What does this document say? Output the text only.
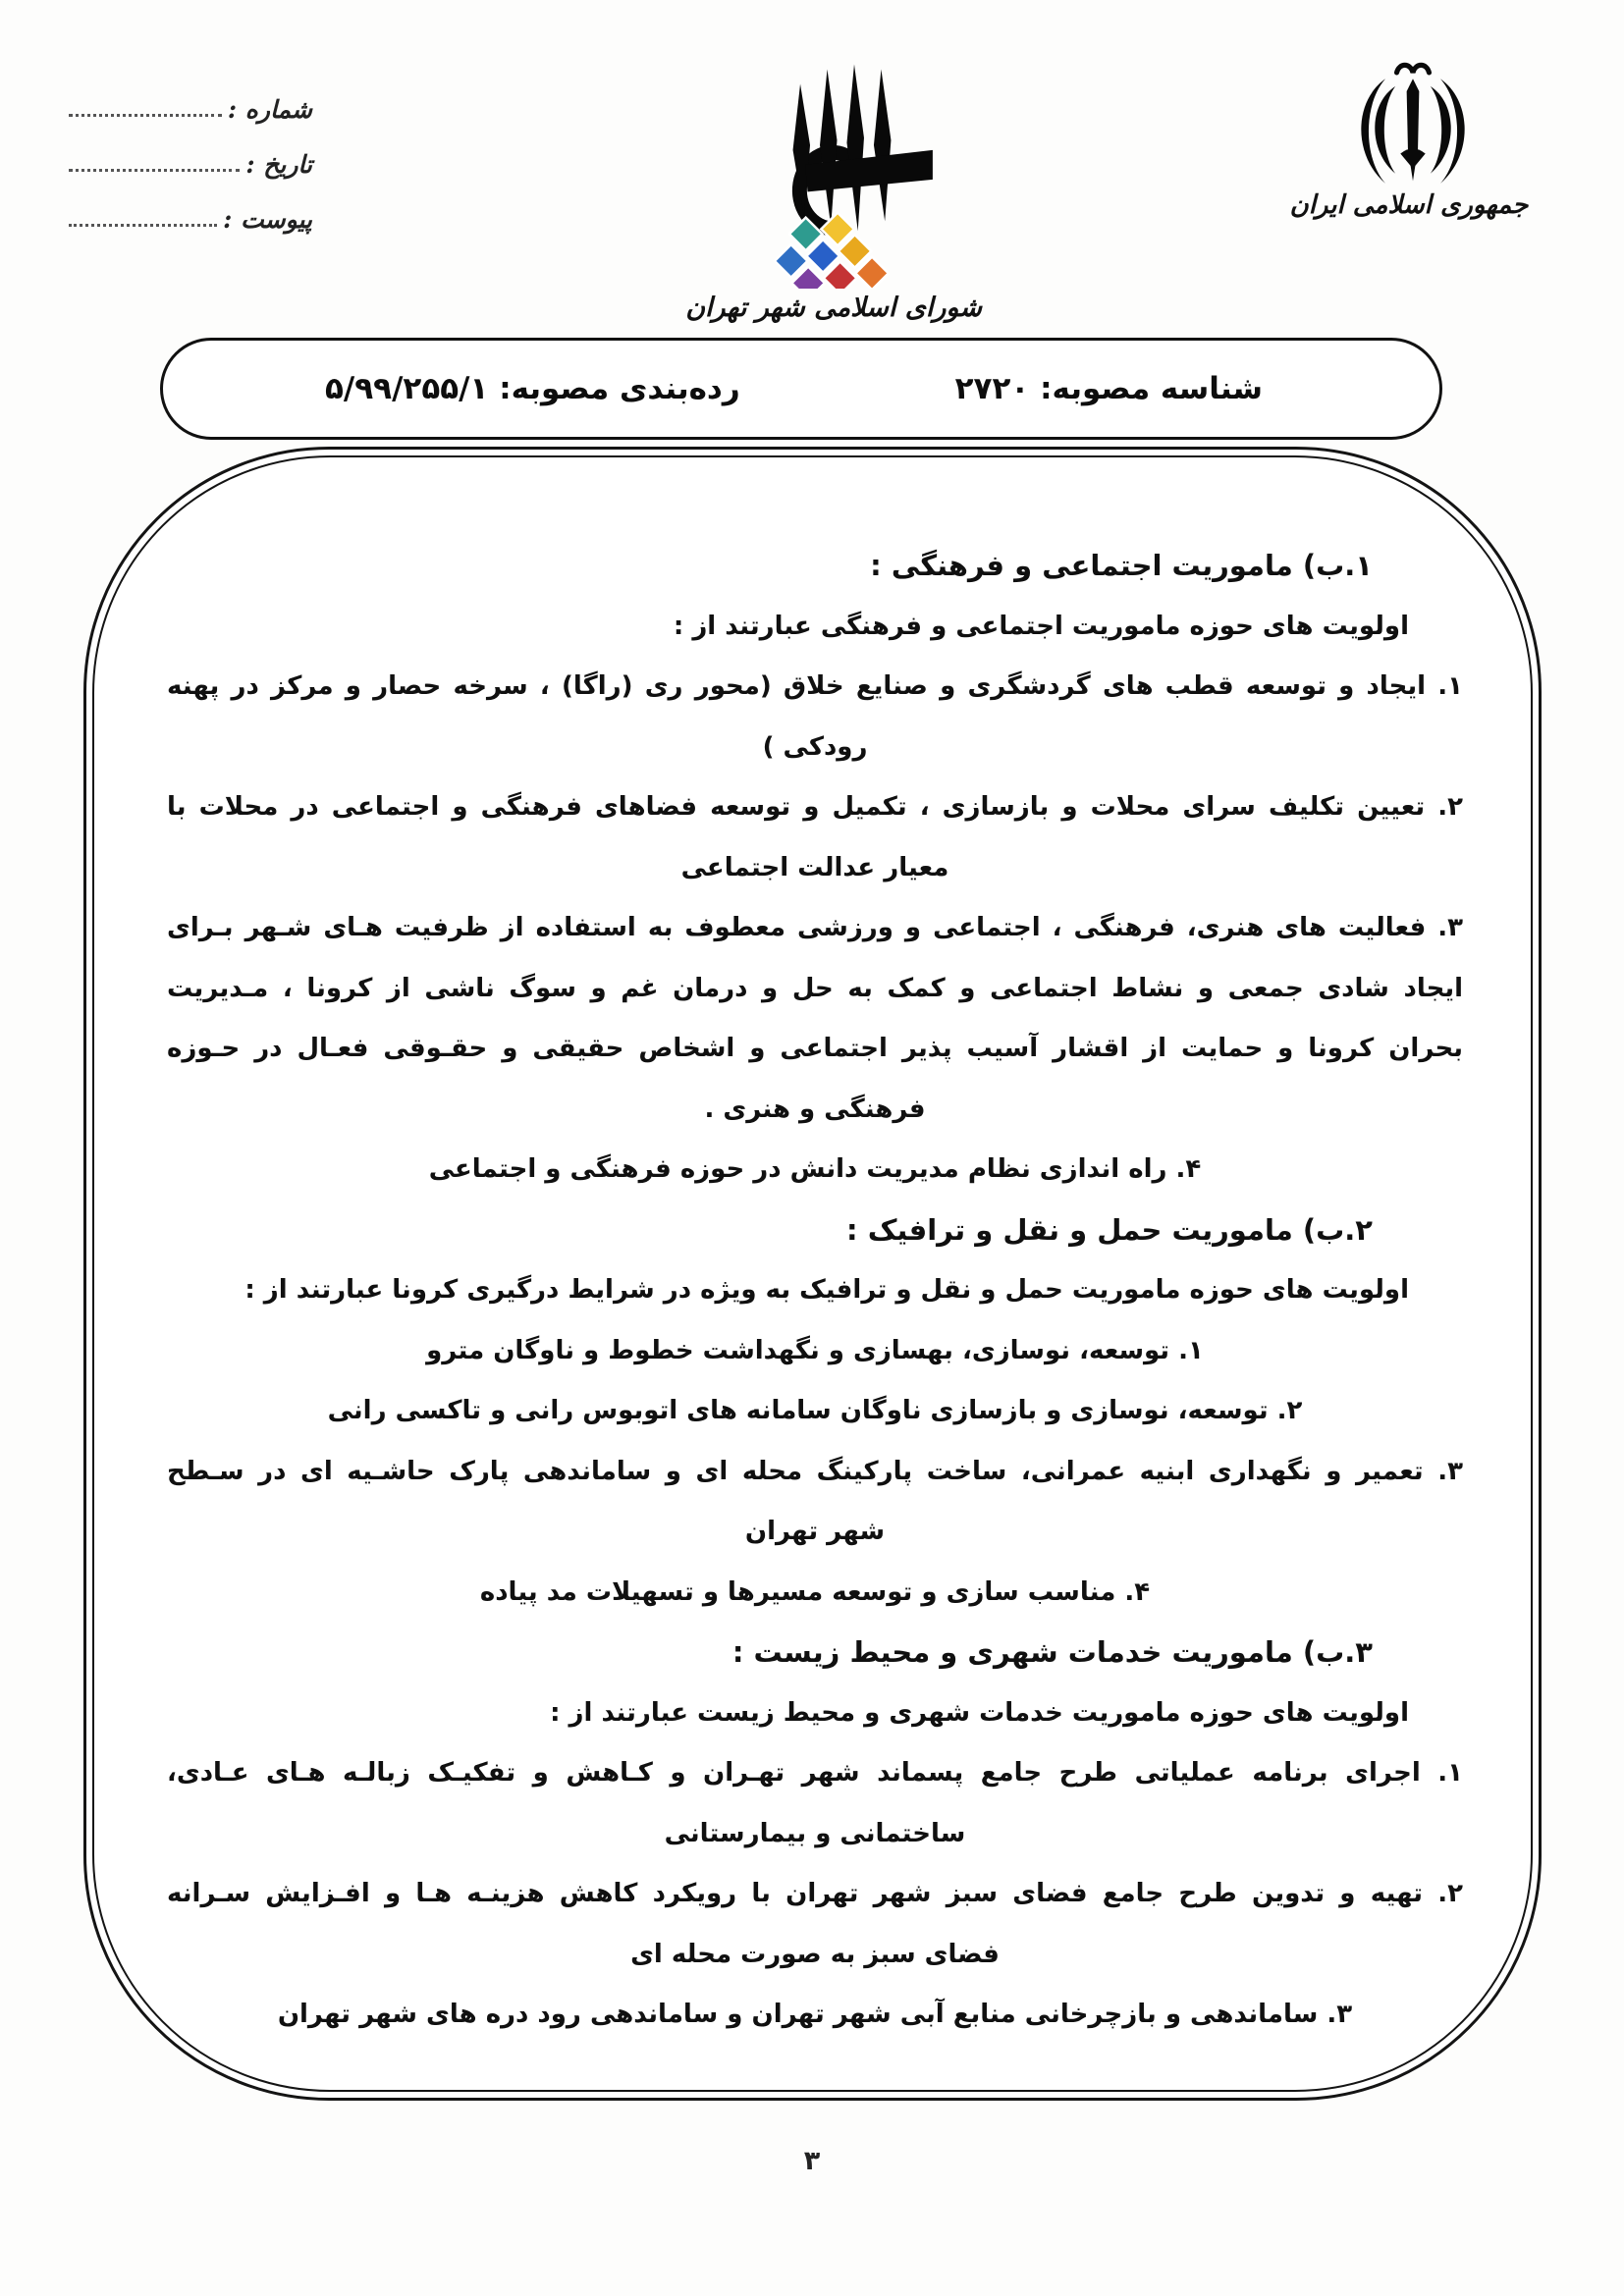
شماره :
تاریخ :
پیوست :
شورای اسلامی شهر تهران
جمهوری اسلامی ایران
شناسه مصوبه: ۲۷۲۰
رده‌بندی مصوبه: ۵/۹۹/۲۵۵/۱
۱.ب) ماموریت اجتماعی و فرهنگی :
اولویت های حوزه ماموریت اجتماعی و فرهنگی عبارتند از :
۱. ایجاد و توسعه قطب های گردشگری و صنایع خلاق (محور ری (راگا) ، سرخه حصار و مرکز در پهنه
رودکی )
۲. تعیین تکلیف سرای محلات و بازسازی ، تکمیل و توسعه فضاهای فرهنگی و اجتماعی در محلات با
معیار عدالت اجتماعی
۳. فعالیت های هنری، فرهنگی ، اجتماعی و ورزشی معطوف به استفاده از ظرفیت هـای شـهر بـرای
ایجاد شادی جمعی و نشاط اجتماعی و کمک به حل و درمان غم و سوگ ناشی از کرونا ، مـدیریت
بحران کرونا و حمایت از اقشار آسیب پذیر اجتماعی و اشخاص حقیقی و حقـوقی فعـال در حـوزه
فرهنگی و هنری .
۴. راه اندازی نظام مدیریت دانش در حوزه فرهنگی و اجتماعی
۲.ب) ماموریت حمل و نقل و ترافیک :
اولویت های حوزه ماموریت حمل و نقل و ترافیک به ویژه در شرایط درگیری کرونا عبارتند از :
۱. توسعه، نوسازی، بهسازی و نگهداشت خطوط و ناوگان مترو
۲. توسعه، نوسازی و بازسازی ناوگان سامانه های اتوبوس رانی و تاکسی رانی
۳. تعمیر و نگهداری ابنیه عمرانی، ساخت پارکینگ محله ای و ساماندهی پارک حاشـیه ای در سـطح
شهر تهران
۴. مناسب سازی و توسعه مسیرها و تسهیلات مد پیاده
۳.ب) ماموریت خدمات شهری و محیط زیست :
اولویت های حوزه ماموریت خدمات شهری و محیط زیست عبارتند از :
۱. اجرای برنامه عملیاتی طرح جامع پسماند شهر تهـران و کـاهش و تفکیـک زبالـه هـای عـادی،
ساختمانی و بیمارستانی
۲. تهیه و تدوین طرح جامع فضای سبز شهر تهران با رویکرد کاهش هزینـه هـا و افـزایش سـرانه
فضای سبز به صورت محله ای
۳. ساماندهی و بازچرخانی منابع آبی شهر تهران و ساماندهی رود دره های شهر تهران
۳
